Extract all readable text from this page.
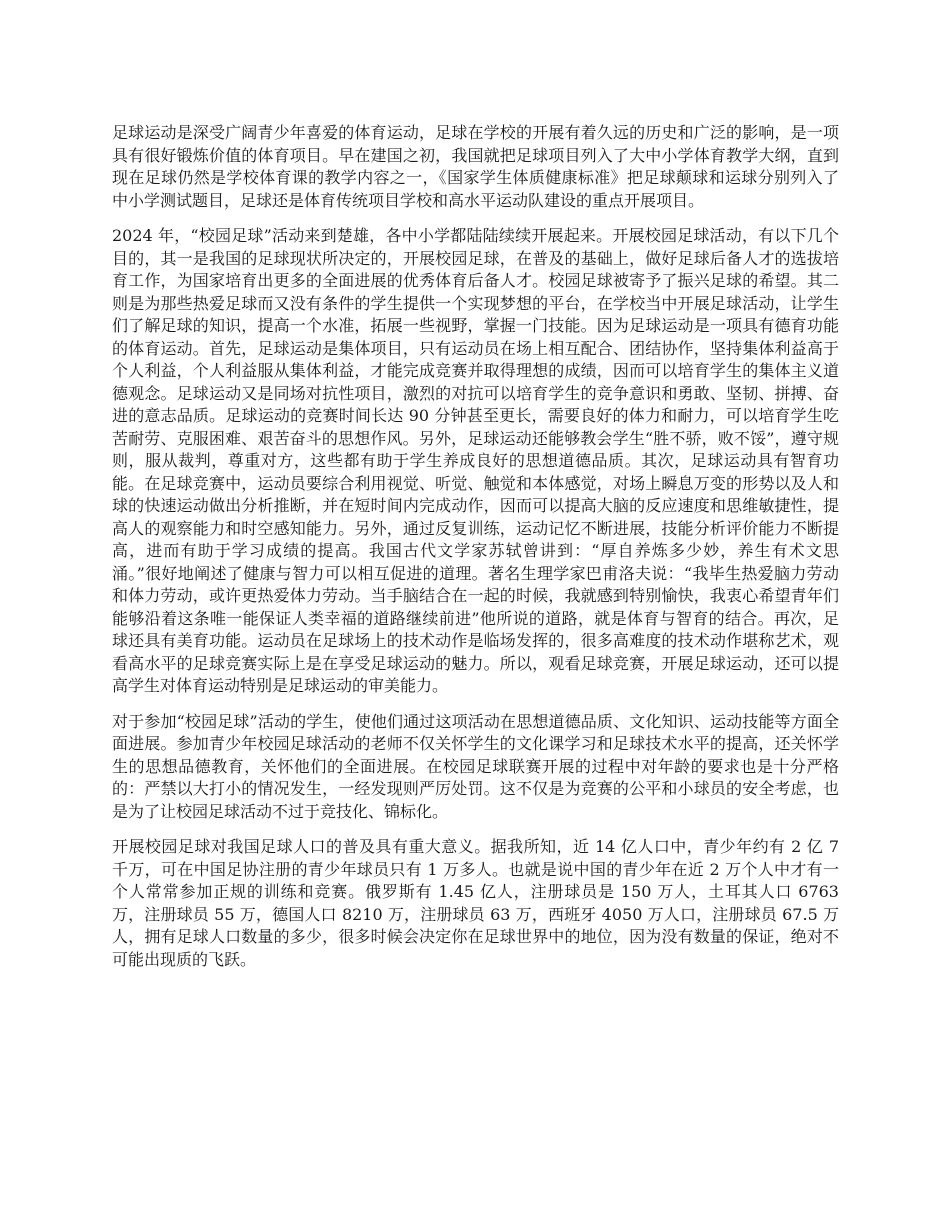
足球运动是深受广阔青少年喜爱的体育运动，足球在学校的开展有着久远的历史和广泛的影响，是一项具有很好锻炼价值的体育项目。早在建国之初，我国就把足球项目列入了大中小学体育教学大纲，直到现在足球仍然是学校体育课的教学内容之一，《国家学生体质健康标准》把足球颠球和运球分别列入了中小学测试题目，足球还是体育传统项目学校和高水平运动队建设的重点开展项目。

2024 年，“校园足球”活动来到楚雄，各中小学都陆陆续续开展起来。开展校园足球活动，有以下几个目的，其一是我国的足球现状所决定的，开展校园足球，在普及的基础上，做好足球后备人才的选拔培育工作，为国家培育出更多的全面进展的优秀体育后备人才。校园足球被寄予了振兴足球的希望。其二则是为那些热爱足球而又没有条件的学生提供一个实现梦想的平台，在学校当中开展足球活动，让学生们了解足球的知识，提高一个水准，拓展一些视野，掌握一门技能。因为足球运动是一项具有德育功能的体育运动。首先，足球运动是集体项目，只有运动员在场上相互配合、团结协作，坚持集体利益高于个人利益，个人利益服从集体利益，才能完成竞赛并取得理想的成绩，因而可以培育学生的集体主义道德观念。足球运动又是同场对抗性项目，激烈的对抗可以培育学生的竞争意识和勇敢、坚韧、拼搏、奋进的意志品质。足球运动的竞赛时间长达 90 分钟甚至更长，需要良好的体力和耐力，可以培育学生吃苦耐劳、克服困难、艰苦奋斗的思想作风。另外，足球运动还能够教会学生“胜不骄，败不馁”，遵守规则，服从裁判，尊重对方，这些都有助于学生养成良好的思想道德品质。其次，足球运动具有智育功能。在足球竞赛中，运动员要综合利用视觉、听觉、触觉和本体感觉，对场上瞬息万变的形势以及人和球的快速运动做出分析推断，并在短时间内完成动作，因而可以提高大脑的反应速度和思维敏捷性，提高人的观察能力和时空感知能力。另外，通过反复训练，运动记忆不断进展，技能分析评价能力不断提高，进而有助于学习成绩的提高。我国古代文学家苏轼曾讲到：“厚自养炼多少妙，养生有术文思涌。”很好地阐述了健康与智力可以相互促进的道理。著名生理学家巴甫洛夫说：“我毕生热爱脑力劳动和体力劳动，或许更热爱体力劳动。当手脑结合在一起的时候，我就感到特别愉快，我衷心希望青年们能够沿着这条唯一能保证人类幸福的道路继续前进”他所说的道路，就是体育与智育的结合。再次，足球还具有美育功能。运动员在足球场上的技术动作是临场发挥的，很多高难度的技术动作堪称艺术，观看高水平的足球竞赛实际上是在享受足球运动的魅力。所以，观看足球竞赛，开展足球运动，还可以提高学生对体育运动特别是足球运动的审美能力。

对于参加“校园足球”活动的学生，使他们通过这项活动在思想道德品质、文化知识、运动技能等方面全面进展。参加青少年校园足球活动的老师不仅关怀学生的文化课学习和足球技术水平的提高，还关怀学生的思想品德教育，关怀他们的全面进展。在校园足球联赛开展的过程中对年龄的要求也是十分严格的：严禁以大打小的情况发生，一经发现则严厉处罚。这不仅是为竞赛的公平和小球员的安全考虑，也是为了让校园足球活动不过于竞技化、锦标化。

开展校园足球对我国足球人口的普及具有重大意义。据我所知，近 14 亿人口中，青少年约有 2 亿 7 千万，可在中国足协注册的青少年球员只有 1 万多人。也就是说中国的青少年在近 2 万个人中才有一个人常常参加正规的训练和竞赛。俄罗斯有 1.45 亿人，注册球员是 150 万人，土耳其人口 6763 万，注册球员 55 万，德国人口 8210 万，注册球员 63 万，西班牙 4050 万人口，注册球员 67.5 万人，拥有足球人口数量的多少，很多时候会决定你在足球世界中的地位，因为没有数量的保证，绝对不可能出现质的飞跃。
